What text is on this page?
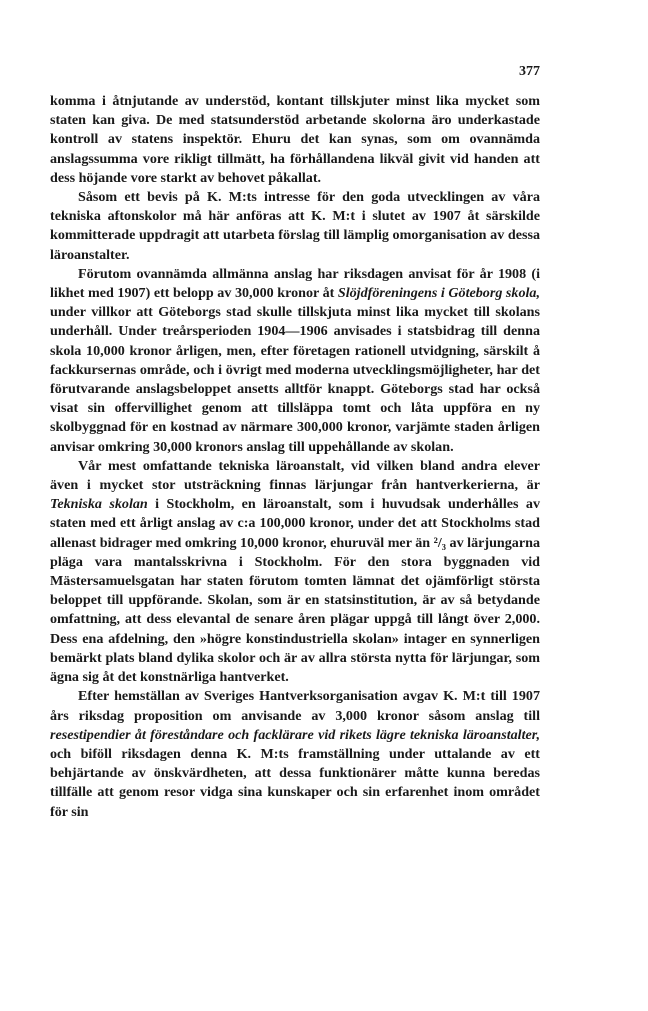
377

komma i åtnjutande av understöd, kontant tillskjuter minst lika mycket som staten kan giva. De med statsunderstöd arbetande skolorna äro underkastade kontroll av statens inspektör. Ehuru det kan synas, som om ovannämda anslagssumma vore rikligt tillmätt, ha förhållandena likväl givit vid handen att dess höjande vore starkt av behovet påkallat.

Såsom ett bevis på K. M:ts intresse för den goda utvecklingen av våra tekniska aftonskolor må här anföras att K. M:t i slutet av 1907 åt särskilde kommitterade uppdragit att utarbeta förslag till lämplig omorganisation av dessa läroanstalter.

Förutom ovannämda allmänna anslag har riksdagen anvisat för år 1908 (i likhet med 1907) ett belopp av 30,000 kronor åt Slöjdföreningens i Göteborg skola, under villkor att Göteborgs stad skulle tillskjuta minst lika mycket till skolans underhåll. Under treårsperioden 1904—1906 anvisades i statsbidrag till denna skola 10,000 kronor årligen, men, efter företagen rationell utvidgning, särskilt å fackkursernas område, och i övrigt med moderna utvecklingsmöjligheter, har det förutvarande anslagsbeloppet ansetts alltför knappt. Göteborgs stad har också visat sin offervillighet genom att tillsläppa tomt och låta uppföra en ny skolbyggnad för en kostnad av närmare 300,000 kronor, varjämte staden årligen anvisar omkring 30,000 kronors anslag till uppehållande av skolan.

Vår mest omfattande tekniska läroanstalt, vid vilken bland andra elever även i mycket stor utsträckning finnas lärjungar från hantverkerierna, är Tekniska skolan i Stockholm, en läroanstalt, som i huvudsak underhålles av staten med ett årligt anslag av c:a 100,000 kronor, under det att Stockholms stad allenast bidrager med omkring 10,000 kronor, ehuruväl mer än ²/₃ av lärjungarna pläga vara mantalsskrivna i Stockholm. För den stora byggnaden vid Mästersamuelsgatan har staten förutom tomten lämnat det ojämförligt största beloppet till uppförande. Skolan, som är en statsinstitution, är av så betydande omfattning, att dess elevantal de senare åren plägar uppgå till långt över 2,000. Dess ena afdelning, den »högre konstindustriella skolan» intager en synnerligen bemärkt plats bland dylika skolor och är av allra största nytta för lärjungar, som ägna sig åt det konstnärliga hantverket.

Efter hemställan av Sveriges Hantverksorganisation avgav K. M:t till 1907 års riksdag proposition om anvisande av 3,000 kronor såsom anslag till resestipendier åt föreståndare och facklärare vid rikets lägre tekniska läroanstalter, och biföll riksdagen denna K. M:ts framställning under uttalande av ett behjärtande av önskvärdheten, att dessa funktionärer måtte kunna beredas tillfälle att genom resor vidga sina kunskaper och sin erfarenhet inom området för sin
